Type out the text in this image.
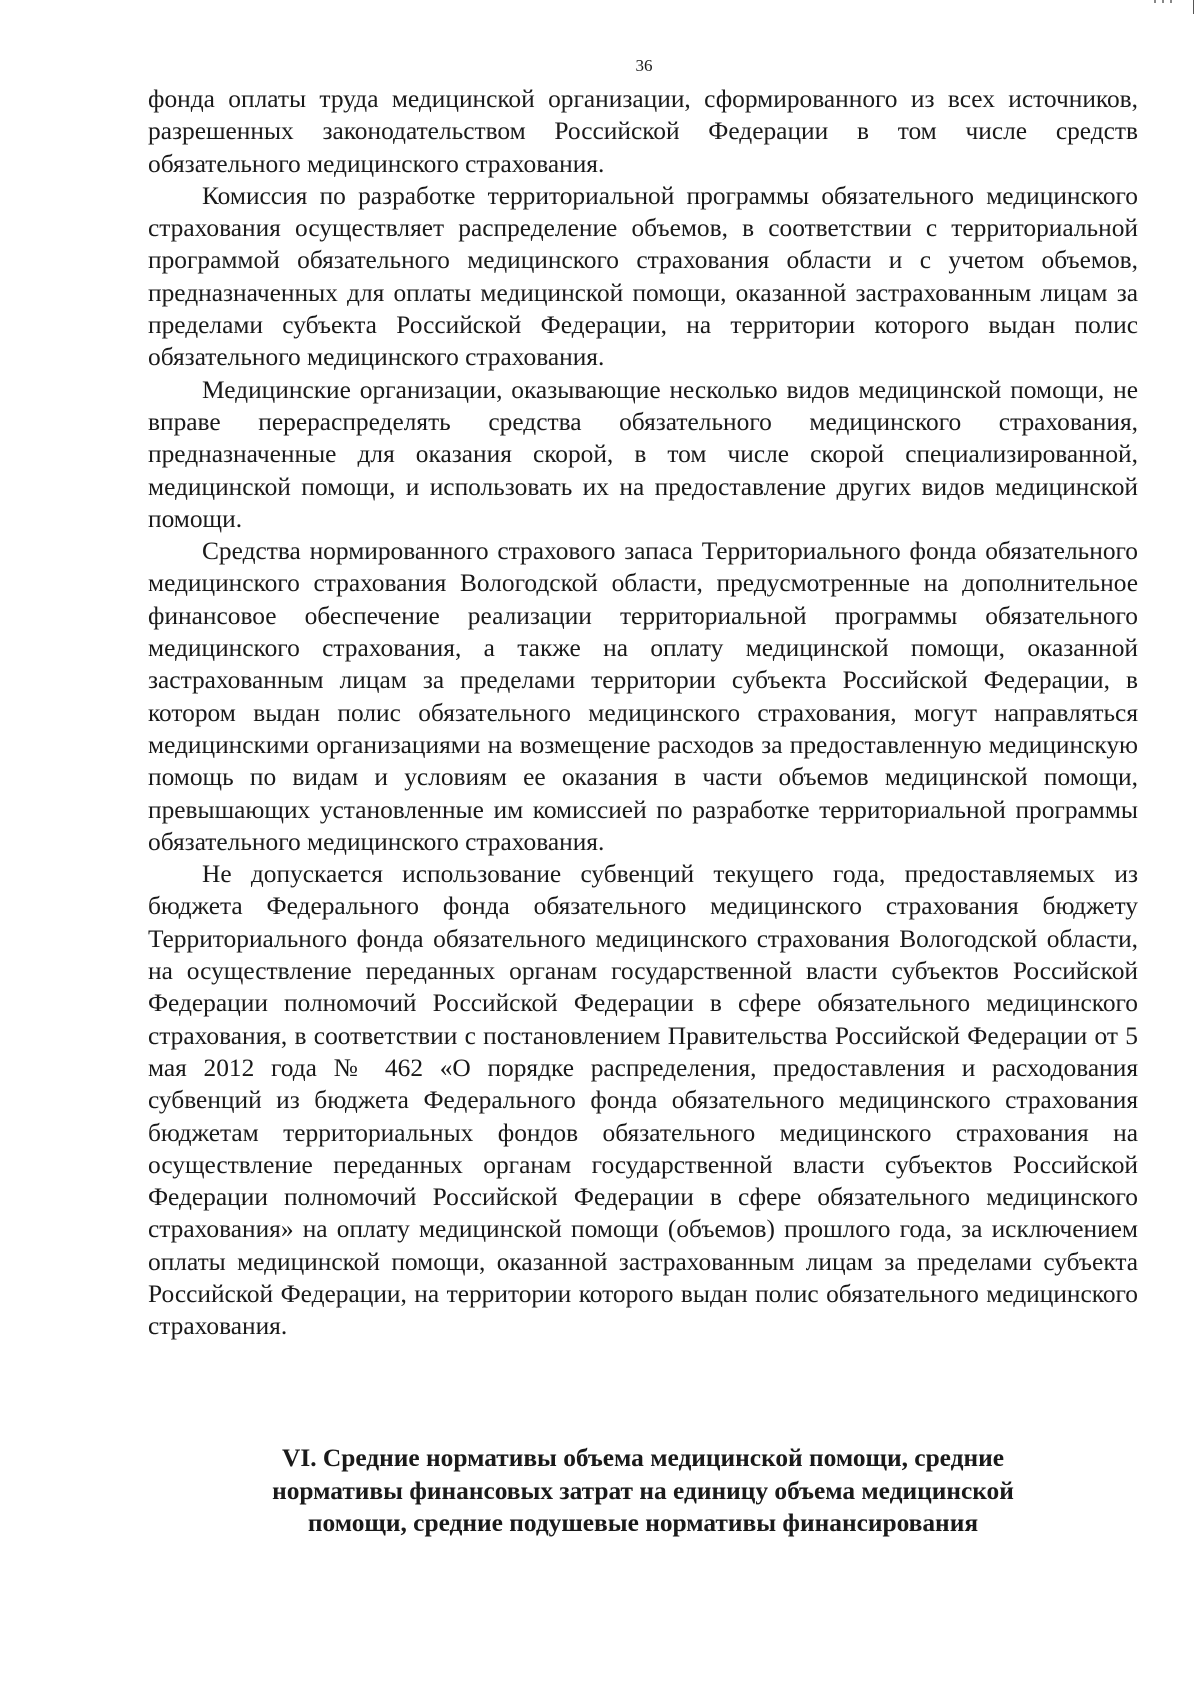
36

фонда оплаты труда медицинской организации, сформированного из всех источников, разрешенных законодательством Российской Федерации в том числе средств обязательного медицинского страхования.

Комиссия по разработке территориальной программы обязательного медицинского страхования осуществляет распределение объемов, в соответствии с территориальной программой обязательного медицинского страхования области и с учетом объемов, предназначенных для оплаты медицинской помощи, оказанной застрахованным лицам за пределами субъекта Российской Федерации, на территории которого выдан полис обязательного медицинского страхования.

Медицинские организации, оказывающие несколько видов медицинской помощи, не вправе перераспределять средства обязательного медицинского страхования, предназначенные для оказания скорой, в том числе скорой специализированной, медицинской помощи, и использовать их на предоставление других видов медицинской помощи.

Средства нормированного страхового запаса Территориального фонда обязательного медицинского страхования Вологодской области, предусмотренные на дополнительное финансовое обеспечение реализации территориальной программы обязательного медицинского страхования, а также на оплату медицинской помощи, оказанной застрахованным лицам за пределами территории субъекта Российской Федерации, в котором выдан полис обязательного медицинского страхования, могут направляться медицинскими организациями на возмещение расходов за предоставленную медицинскую помощь по видам и условиям ее оказания в части объемов медицинской помощи, превышающих установленные им комиссией по разработке территориальной программы обязательного медицинского страхования.

Не допускается использование субвенций текущего года, предоставляемых из бюджета Федерального фонда обязательного медицинского страхования бюджету Территориального фонда обязательного медицинского страхования Вологодской области, на осуществление переданных органам государственной власти субъектов Российской Федерации полномочий Российской Федерации в сфере обязательного медицинского страхования, в соответствии с постановлением Правительства Российской Федерации от 5 мая 2012 года № 462 «О порядке распределения, предоставления и расходования субвенций из бюджета Федерального фонда обязательного медицинского страхования бюджетам территориальных фондов обязательного медицинского страхования на осуществление переданных органам государственной власти субъектов Российской Федерации полномочий Российской Федерации в сфере обязательного медицинского страхования» на оплату медицинской помощи (объемов) прошлого года, за исключением оплаты медицинской помощи, оказанной застрахованным лицам за пределами субъекта Российской Федерации, на территории которого выдан полис обязательного медицинского страхования.

VI. Средние нормативы объема медицинской помощи, средние
нормативы финансовых затрат на единицу объема медицинской
помощи, средние подушевые нормативы финансирования
